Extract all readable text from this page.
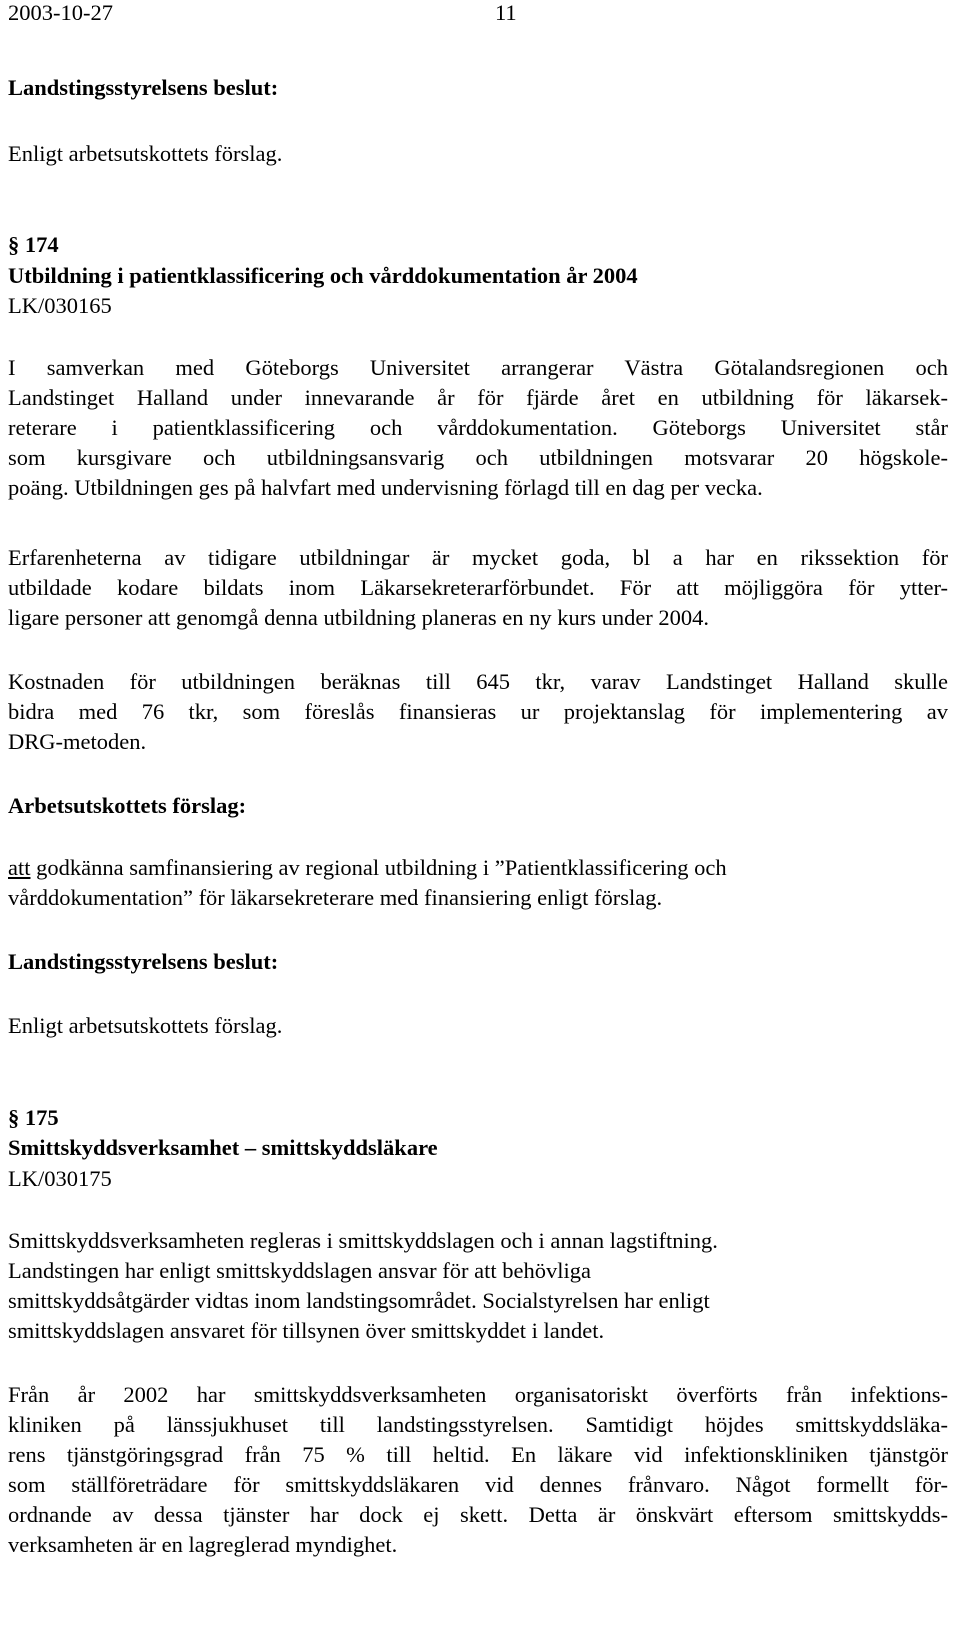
2003-10-27	11
Landstingsstyrelsens beslut:
Enligt arbetsutskottets förslag.
§ 174
Utbildning i patientklassificering och vårddokumentation år 2004
LK/030165
I samverkan med Göteborgs Universitet arrangerar Västra Götalandsregionen och
Landstinget Halland under innevarande år för fjärde året en utbildning för läkarsek-
reterare i patientklassificering och vårddokumentation. Göteborgs Universitet står
som kursgivare och utbildningsansvarig och utbildningen motsvarar 20 högskole-
poäng. Utbildningen ges på halvfart med undervisning förlagd till en dag per vecka.
Erfarenheterna av tidigare utbildningar är mycket goda, bl a har en rikssektion för
utbildade kodare bildats inom Läkarsekreterarförbundet. För att möjliggöra för ytter-
ligare personer att genomgå denna utbildning planeras en ny kurs under 2004.
Kostnaden för utbildningen beräknas till 645 tkr, varav Landstinget Halland skulle
bidra med 76 tkr, som föreslås finansieras ur projektanslag för implementering av
DRG-metoden.
Arbetsutskottets förslag:
att godkänna samfinansiering av regional utbildning i ”Patientklassificering och
vårddokumentation” för läkarsekreterare med finansiering enligt förslag.
Landstingsstyrelsens beslut:
Enligt arbetsutskottets förslag.
§ 175
Smittskyddsverksamhet – smittskyddsläkare
LK/030175
Smittskyddsverksamheten regleras i smittskyddslagen och i annan lagstiftning.
Landstingen har enligt smittskyddslagen ansvar för att behövliga
smittskyddsåtgärder vidtas inom landstingsområdet. Socialstyrelsen har enligt
smittskyddslagen ansvaret för tillsynen över smittskyddet i landet.
Från år 2002 har smittskyddsverksamheten organisatoriskt överförts från infektions-
kliniken på länssjukhuset till landstingsstyrelsen. Samtidigt höjdes smittskyddsläka-
rens tjänstgöringsgrad från 75 % till heltid. En läkare vid infektionskliniken tjänstgör
som ställföreträdare för smittskyddsläkaren vid dennes frånvaro. Något formellt för-
ordnande av dessa tjänster har dock ej skett. Detta är önskvärt eftersom smittskydds-
verksamheten är en lagreglerad myndighet.
